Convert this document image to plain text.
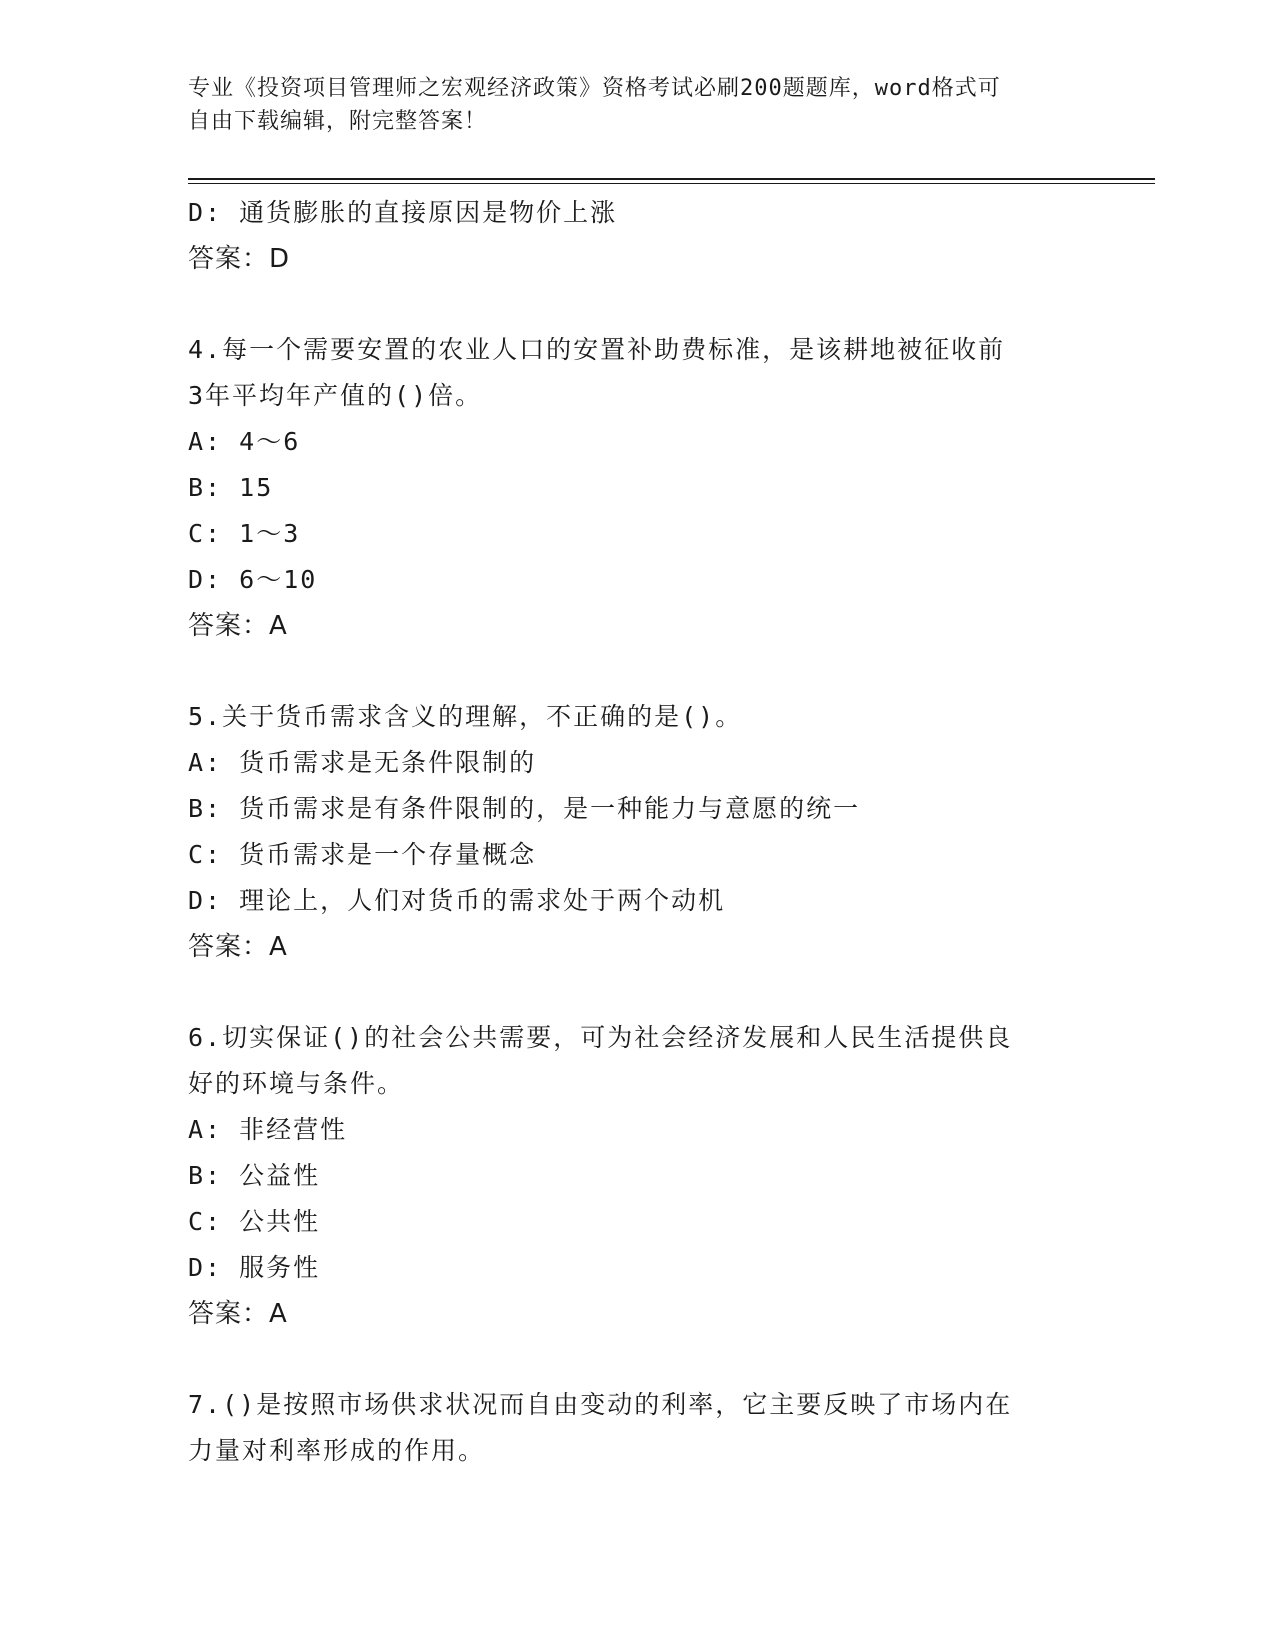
专业《投资项目管理师之宏观经济政策》资格考试必刷200题题库，word格式可
自由下载编辑，附完整答案！
D: 通货膨胀的直接原因是物价上涨
答案：D
4.每一个需要安置的农业人口的安置补助费标准，是该耕地被征收前
3年平均年产值的()倍。
A: 4～6
B: 15
C: 1～3
D: 6～10
答案：A
5.关于货币需求含义的理解，不正确的是()。
A: 货币需求是无条件限制的
B: 货币需求是有条件限制的，是一种能力与意愿的统一
C: 货币需求是一个存量概念
D: 理论上，人们对货币的需求处于两个动机
答案：A
6.切实保证()的社会公共需要，可为社会经济发展和人民生活提供良
好的环境与条件。
A: 非经营性
B: 公益性
C: 公共性
D: 服务性
答案：A
7.()是按照市场供求状况而自由变动的利率，它主要反映了市场内在
力量对利率形成的作用。
